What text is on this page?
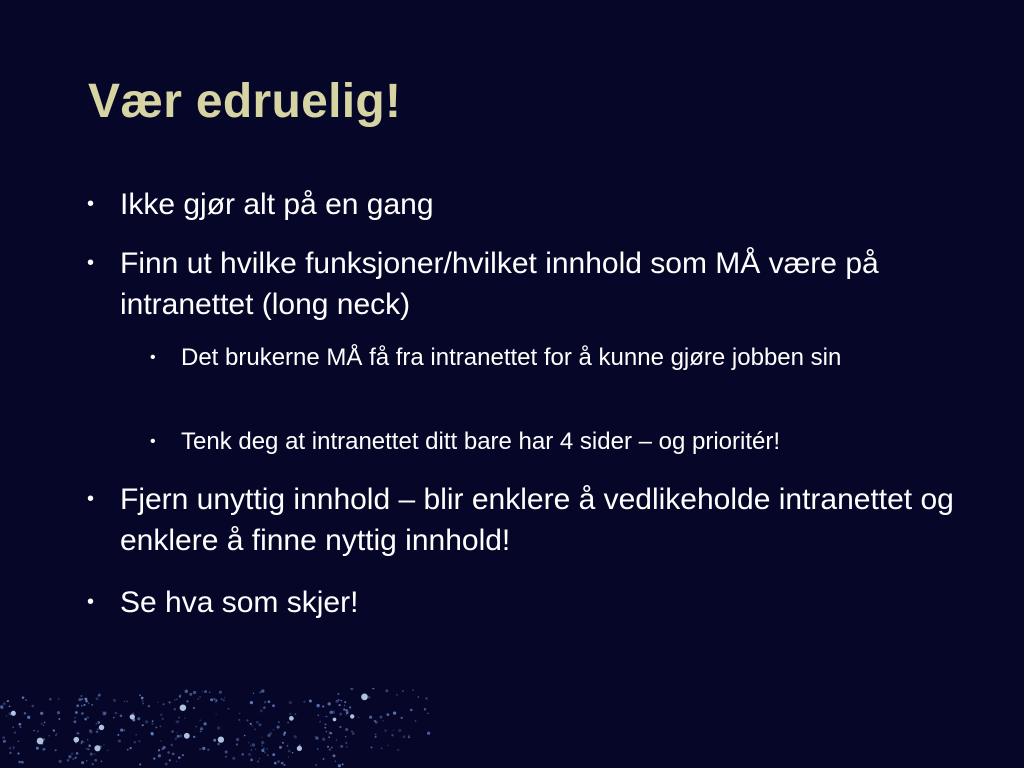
Vær edruelig!
• Ikke gjør alt på en gang
• Finn ut hvilke funksjoner/hvilket innhold som MÅ være på intranettet (long neck)
• Det brukerne MÅ få fra intranettet for å kunne gjøre jobben sin
• Tenk deg at intranettet ditt bare har 4 sider – og prioritér!
• Fjern unyttig innhold – blir enklere å vedlikeholde intranettet og enklere å finne nyttig innhold!
• Se hva som skjer!
